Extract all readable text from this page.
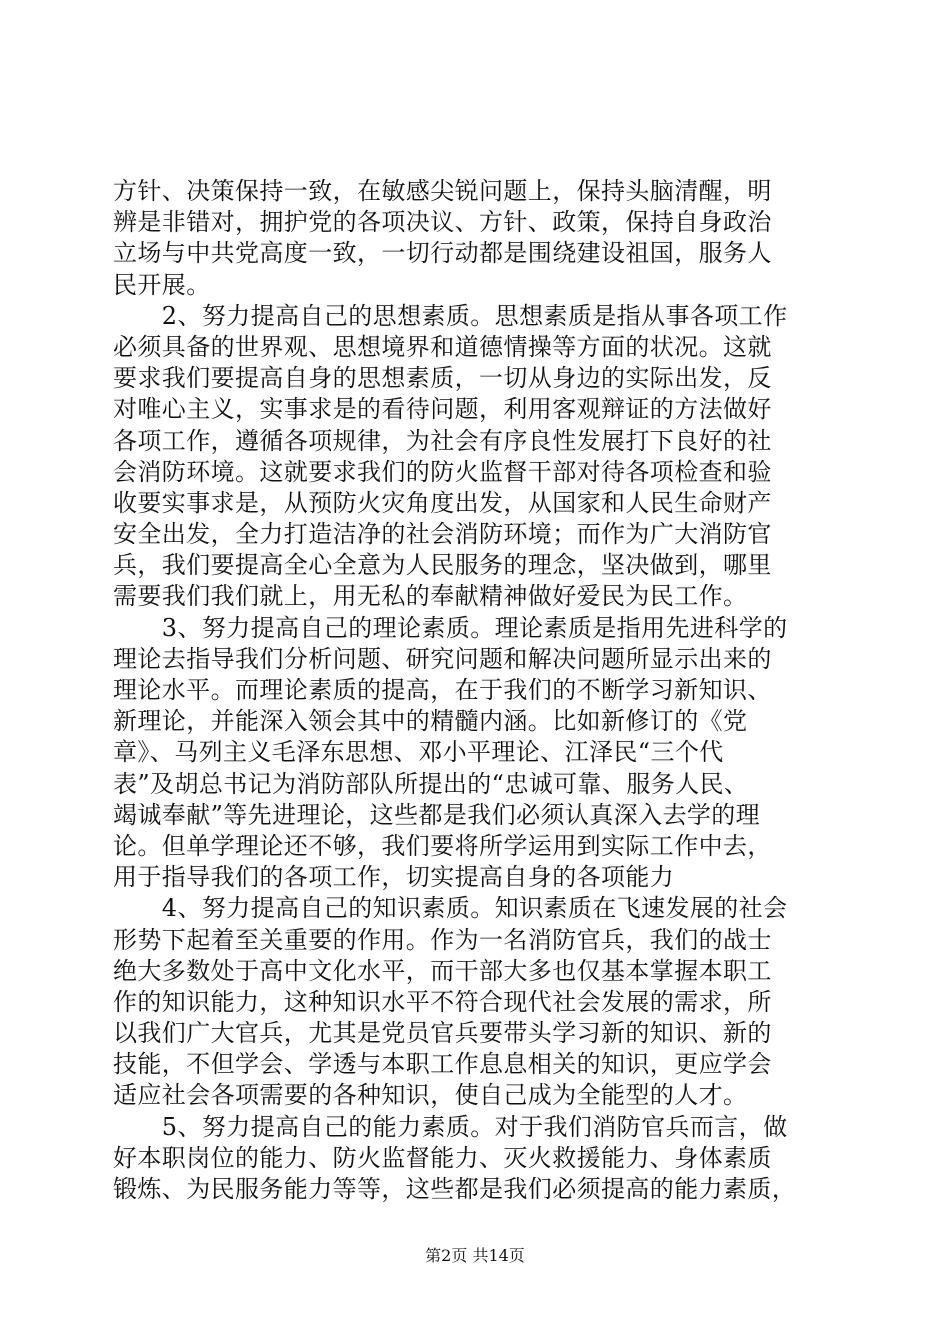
方针、决策保持一致，在敏感尖锐问题上，保持头脑清醒，明
辨是非错对，拥护党的各项决议、方针、政策，保持自身政治
立场与中共党高度一致，一切行动都是围绕建设祖国，服务人
民开展。
　　2、努力提高自己的思想素质。思想素质是指从事各项工作
必须具备的世界观、思想境界和道德情操等方面的状况。这就
要求我们要提高自身的思想素质，一切从身边的实际出发，反
对唯心主义，实事求是的看待问题，利用客观辩证的方法做好
各项工作，遵循各项规律，为社会有序良性发展打下良好的社
会消防环境。这就要求我们的防火监督干部对待各项检查和验
收要实事求是，从预防火灾角度出发，从国家和人民生命财产
安全出发，全力打造洁净的社会消防环境；而作为广大消防官
兵，我们要提高全心全意为人民服务的理念，坚决做到，哪里
需要我们我们就上，用无私的奉献精神做好爱民为民工作。
　　3、努力提高自己的理论素质。理论素质是指用先进科学的
理论去指导我们分析问题、研究问题和解决问题所显示出来的
理论水平。而理论素质的提高，在于我们的不断学习新知识、
新理论，并能深入领会其中的精髓内涵。比如新修订的《党
章》、马列主义毛泽东思想、邓小平理论、江泽民“三个代
表”及胡总书记为消防部队所提出的“忠诚可靠、服务人民、
竭诚奉献”等先进理论，这些都是我们必须认真深入去学的理
论。但单学理论还不够，我们要将所学运用到实际工作中去，
用于指导我们的各项工作，切实提高自身的各项能力
　　4、努力提高自己的知识素质。知识素质在飞速发展的社会
形势下起着至关重要的作用。作为一名消防官兵，我们的战士
绝大多数处于高中文化水平，而干部大多也仅基本掌握本职工
作的知识能力，这种知识水平不符合现代社会发展的需求，所
以我们广大官兵，尤其是党员官兵要带头学习新的知识、新的
技能，不但学会、学透与本职工作息息相关的知识，更应学会
适应社会各项需要的各种知识，使自己成为全能型的人才。
　　5、努力提高自己的能力素质。对于我们消防官兵而言，做
好本职岗位的能力、防火监督能力、灭火救援能力、身体素质
锻炼、为民服务能力等等，这些都是我们必须提高的能力素质，
第2页 共14页
